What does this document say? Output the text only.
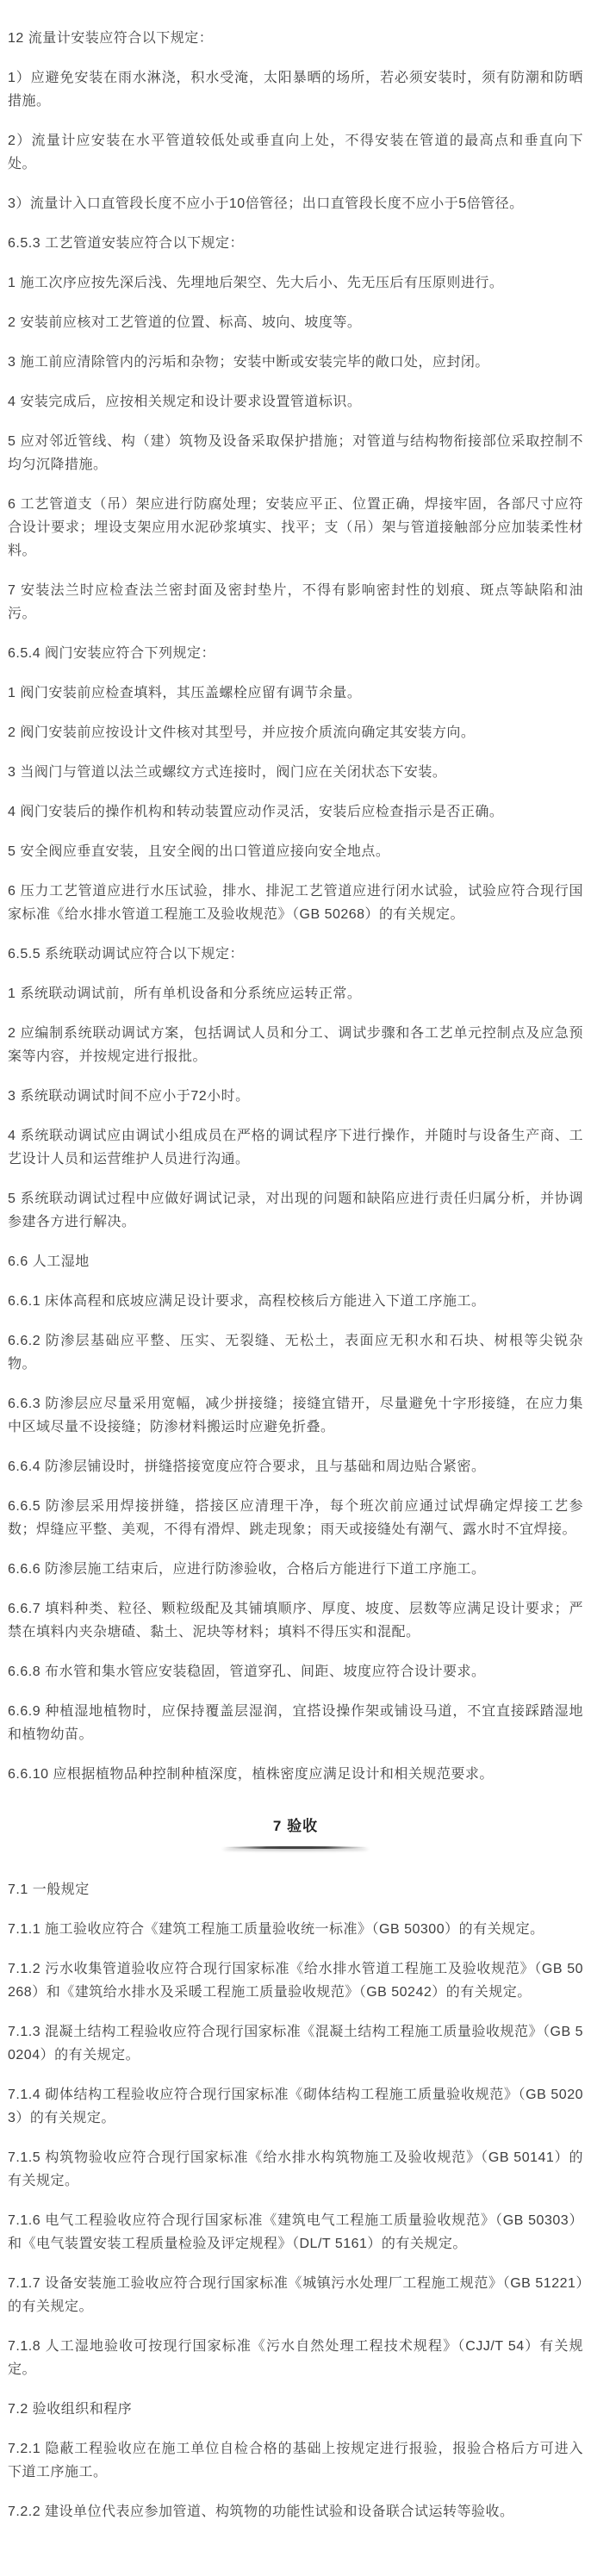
12 流量计安装应符合以下规定：

1）应避免安装在雨水淋浇，积水受淹，太阳暴晒的场所，若必须安装时，须有防潮和防晒措施。

2）流量计应安装在水平管道较低处或垂直向上处，不得安装在管道的最高点和垂直向下处。

3）流量计入口直管段长度不应小于10倍管径；出口直管段长度不应小于5倍管径。

6.5.3 工艺管道安装应符合以下规定：

1 施工次序应按先深后浅、先埋地后架空、先大后小、先无压后有压原则进行。

2 安装前应核对工艺管道的位置、标高、坡向、坡度等。

3 施工前应清除管内的污垢和杂物；安装中断或安装完毕的敞口处，应封闭。

4 安装完成后，应按相关规定和设计要求设置管道标识。

5 应对邻近管线、构（建）筑物及设备采取保护措施；对管道与结构物衔接部位采取控制不均匀沉降措施。

6 工艺管道支（吊）架应进行防腐处理；安装应平正、位置正确，焊接牢固，各部尺寸应符合设计要求；埋设支架应用水泥砂浆填实、找平；支（吊）架与管道接触部分应加装柔性材料。

7 安装法兰时应检查法兰密封面及密封垫片，不得有影响密封性的划痕、斑点等缺陷和油污。

6.5.4 阀门安装应符合下列规定：

1 阀门安装前应检查填料，其压盖螺栓应留有调节余量。

2 阀门安装前应按设计文件核对其型号，并应按介质流向确定其安装方向。

3 当阀门与管道以法兰或螺纹方式连接时，阀门应在关闭状态下安装。

4 阀门安装后的操作机构和转动装置应动作灵活，安装后应检查指示是否正确。

5 安全阀应垂直安装，且安全阀的出口管道应接向安全地点。

6 压力工艺管道应进行水压试验，排水、排泥工艺管道应进行闭水试验，试验应符合现行国家标准《给水排水管道工程施工及验收规范》（GB 50268）的有关规定。

6.5.5 系统联动调试应符合以下规定：

1 系统联动调试前，所有单机设备和分系统应运转正常。

2 应编制系统联动调试方案，包括调试人员和分工、调试步骤和各工艺单元控制点及应急预案等内容，并按规定进行报批。

3 系统联动调试时间不应小于72小时。

4 系统联动调试应由调试小组成员在严格的调试程序下进行操作，并随时与设备生产商、工艺设计人员和运营维护人员进行沟通。

5 系统联动调试过程中应做好调试记录，对出现的问题和缺陷应进行责任归属分析，并协调参建各方进行解决。

6.6 人工湿地

6.6.1 床体高程和底坡应满足设计要求，高程校核后方能进入下道工序施工。

6.6.2 防渗层基础应平整、压实、无裂缝、无松土，表面应无积水和石块、树根等尖锐杂物。

6.6.3 防渗层应尽量采用宽幅，减少拼接缝；接缝宜错开，尽量避免十字形接缝，在应力集中区域尽量不设接缝；防渗材料搬运时应避免折叠。

6.6.4 防渗层铺设时，拼缝搭接宽度应符合要求，且与基础和周边贴合紧密。

6.6.5 防渗层采用焊接拼缝，搭接区应清理干净，每个班次前应通过试焊确定焊接工艺参数；焊缝应平整、美观，不得有滑焊、跳走现象；雨天或接缝处有潮气、露水时不宜焊接。

6.6.6 防渗层施工结束后，应进行防渗验收，合格后方能进行下道工序施工。

6.6.7 填料种类、粒径、颗粒级配及其铺填顺序、厚度、坡度、层数等应满足设计要求；严禁在填料内夹杂塘碴、黏土、泥块等材料；填料不得压实和混配。

6.6.8 布水管和集水管应安装稳固，管道穿孔、间距、坡度应符合设计要求。

6.6.9 种植湿地植物时，应保持覆盖层湿润，宜搭设操作架或铺设马道，不宜直接踩踏湿地和植物幼苗。

6.6.10 应根据植物品种控制种植深度，植株密度应满足设计和相关规范要求。

7 验收

7.1 一般规定

7.1.1 施工验收应符合《建筑工程施工质量验收统一标准》（GB 50300）的有关规定。

7.1.2 污水收集管道验收应符合现行国家标准《给水排水管道工程施工及验收规范》（GB 50268）和《建筑给水排水及采暖工程施工质量验收规范》（GB 50242）的有关规定。

7.1.3 混凝土结构工程验收应符合现行国家标准《混凝土结构工程施工质量验收规范》（GB 50204）的有关规定。

7.1.4 砌体结构工程验收应符合现行国家标准《砌体结构工程施工质量验收规范》（GB 50203）的有关规定。

7.1.5 构筑物验收应符合现行国家标准《给水排水构筑物施工及验收规范》（GB 50141）的有关规定。

7.1.6 电气工程验收应符合现行国家标准《建筑电气工程施工质量验收规范》（GB 50303）和《电气装置安装工程质量检验及评定规程》（DL/T 5161）的有关规定。

7.1.7 设备安装施工验收应符合现行国家标准《城镇污水处理厂工程施工规范》（GB 51221）的有关规定。

7.1.8 人工湿地验收可按现行国家标准《污水自然处理工程技术规程》（CJJ/T 54）有关规定。

7.2 验收组织和程序

7.2.1 隐蔽工程验收应在施工单位自检合格的基础上按规定进行报验，报验合格后方可进入下道工序施工。

7.2.2 建设单位代表应参加管道、构筑物的功能性试验和设备联合试运转等验收。
